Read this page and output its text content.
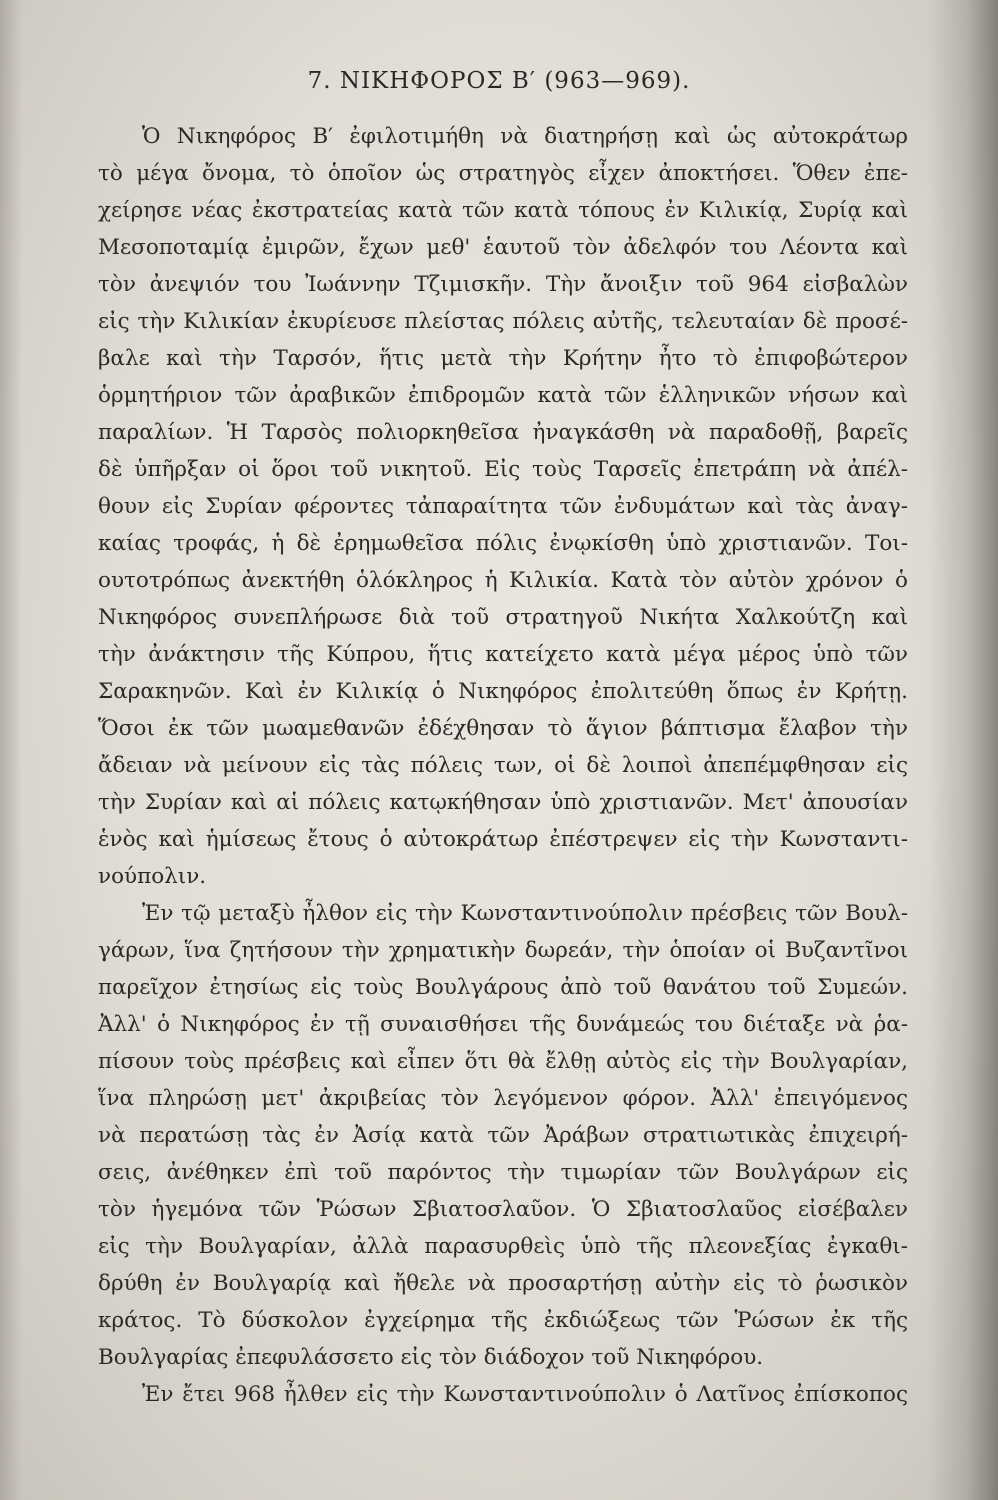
7. ΝΙΚΗΦΟΡΟΣ Β′ (963—969).
Ὁ Νικηφόρος Β′ ἐφιλοτιμήθη νὰ διατηρήσῃ καὶ ὡς αὐτοκράτωρ
τὸ μέγα ὄνομα, τὸ ὁποῖον ὡς στρατηγὸς εἶχεν ἀποκτήσει. Ὅθεν ἐπε-
χείρησε νέας ἐκστρατείας κατὰ τῶν κατὰ τόπους ἐν Κιλικίᾳ, Συρίᾳ καὶ
Μεσοποταμίᾳ ἐμιρῶν, ἔχων μεθ' ἑαυτοῦ τὸν ἀδελφόν του Λέοντα καὶ
τὸν ἀνεψιόν του Ἰωάννην Τζιμισκῆν. Τὴν ἄνοιξιν τοῦ 964 εἰσβαλὼν
εἰς τὴν Κιλικίαν ἐκυρίευσε πλείστας πόλεις αὐτῆς, τελευταίαν δὲ προσέ-
βαλε καὶ τὴν Ταρσόν, ἥτις μετὰ τὴν Κρήτην ἦτο τὸ ἐπιφοβώτερον
ὁρμητήριον τῶν ἀραβικῶν ἐπιδρομῶν κατὰ τῶν ἑλληνικῶν νήσων καὶ
παραλίων. Ἡ Ταρσὸς πολιορκηθεῖσα ἠναγκάσθη νὰ παραδοθῇ, βαρεῖς
δὲ ὑπῆρξαν οἱ ὅροι τοῦ νικητοῦ. Εἰς τοὺς Ταρσεῖς ἐπετράπη νὰ ἀπέλ-
θουν εἰς Συρίαν φέροντες τἀπαραίτητα τῶν ἐνδυμάτων καὶ τὰς ἀναγ-
καίας τροφάς, ἡ δὲ ἐρημωθεῖσα πόλις ἐνῳκίσθη ὑπὸ χριστιανῶν. Τοι-
ουτοτρόπως ἀνεκτήθη ὁλόκληρος ἡ Κιλικία. Κατὰ τὸν αὐτὸν χρόνον ὁ
Νικηφόρος συνεπλήρωσε διὰ τοῦ στρατηγοῦ Νικήτα Χαλκούτζη καὶ
τὴν ἀνάκτησιν τῆς Κύπρου, ἥτις κατείχετο κατὰ μέγα μέρος ὑπὸ τῶν
Σαρακηνῶν. Καὶ ἐν Κιλικίᾳ ὁ Νικηφόρος ἐπολιτεύθη ὅπως ἐν Κρήτῃ.
Ὅσοι ἐκ τῶν μωαμεθανῶν ἐδέχθησαν τὸ ἅγιον βάπτισμα ἔλαβον τὴν
ἄδειαν νὰ μείνουν εἰς τὰς πόλεις των, οἱ δὲ λοιποὶ ἀπεπέμφθησαν εἰς
τὴν Συρίαν καὶ αἱ πόλεις κατῳκήθησαν ὑπὸ χριστιανῶν. Μετ' ἀπουσίαν
ἑνὸς καὶ ἡμίσεως ἔτους ὁ αὐτοκράτωρ ἐπέστρεψεν εἰς τὴν Κωνσταντι-
νούπολιν.
Ἐν τῷ μεταξὺ ἦλθον εἰς τὴν Κωνσταντινούπολιν πρέσβεις τῶν Βουλ-
γάρων, ἵνα ζητήσουν τὴν χρηματικὴν δωρεάν, τὴν ὁποίαν οἱ Βυζαντῖνοι
παρεῖχον ἐτησίως εἰς τοὺς Βουλγάρους ἀπὸ τοῦ θανάτου τοῦ Συμεών.
Ἀλλ' ὁ Νικηφόρος ἐν τῇ συναισθήσει τῆς δυνάμεώς του διέταξε νὰ ῥα-
πίσουν τοὺς πρέσβεις καὶ εἶπεν ὅτι θὰ ἔλθῃ αὐτὸς εἰς τὴν Βουλγαρίαν,
ἵνα πληρώσῃ μετ' ἀκριβείας τὸν λεγόμενον φόρον. Ἀλλ' ἐπειγόμενος
νὰ περατώσῃ τὰς ἐν Ἀσίᾳ κατὰ τῶν Ἀράβων στρατιωτικὰς ἐπιχειρή-
σεις, ἀνέθηκεν ἐπὶ τοῦ παρόντος τὴν τιμωρίαν τῶν Βουλγάρων εἰς
τὸν ἡγεμόνα τῶν Ῥώσων Σβιατοσλαῦον. Ὁ Σβιατοσλαῦος εἰσέβαλεν
εἰς τὴν Βουλγαρίαν, ἀλλὰ παρασυρθεὶς ὑπὸ τῆς πλεονεξίας ἐγκαθι-
δρύθη ἐν Βουλγαρίᾳ καὶ ἤθελε νὰ προσαρτήσῃ αὐτὴν εἰς τὸ ῥωσικὸν
κράτος. Τὸ δύσκολον ἐγχείρημα τῆς ἐκδιώξεως τῶν Ῥώσων ἐκ τῆς
Βουλγαρίας ἐπεφυλάσσετο εἰς τὸν διάδοχον τοῦ Νικηφόρου.
Ἐν ἔτει 968 ἦλθεν εἰς τὴν Κωνσταντινούπολιν ὁ Λατῖνος ἐπίσκοπος
